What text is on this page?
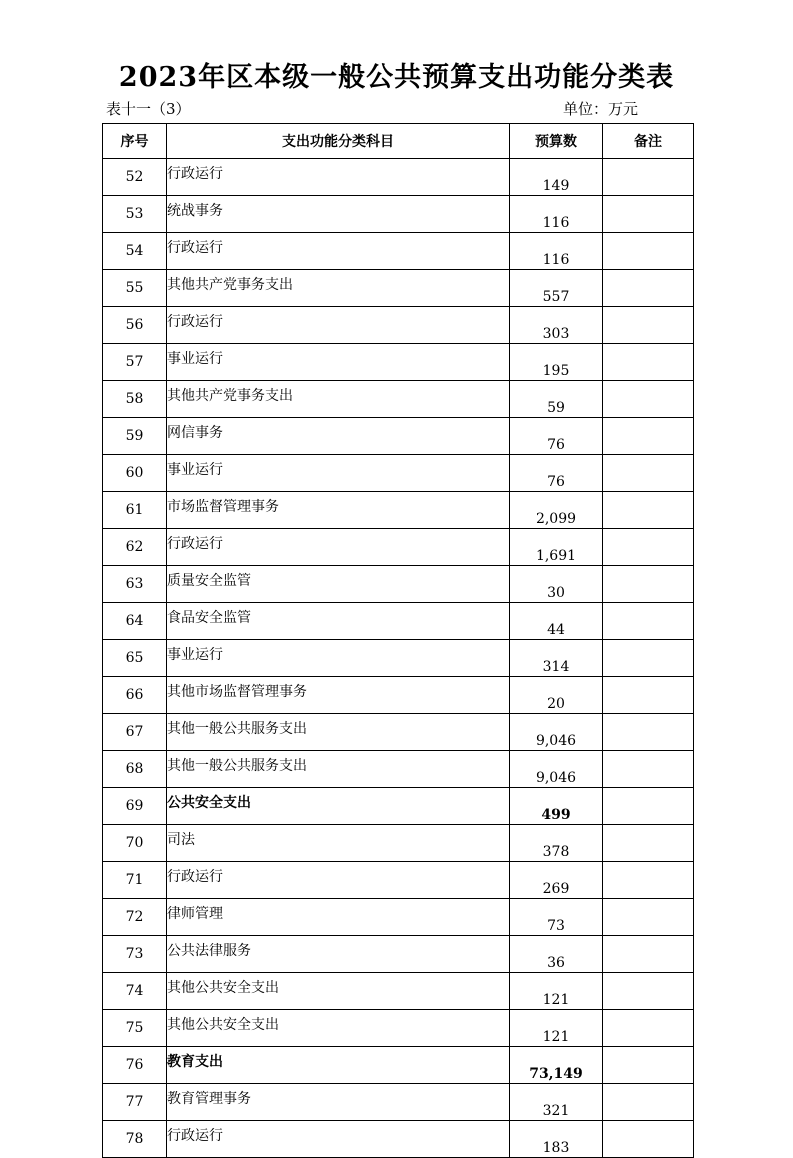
2023年区本级一般公共预算支出功能分类表
表十一（3）	单位：万元
序号	支出功能分类科目	预算数	备注
52	行政运行	149	
53	统战事务	116	
54	行政运行	116	
55	其他共产党事务支出	557	
56	行政运行	303	
57	事业运行	195	
58	其他共产党事务支出	59	
59	网信事务	76	
60	事业运行	76	
61	市场监督管理事务	2,099	
62	行政运行	1,691	
63	质量安全监管	30	
64	食品安全监管	44	
65	事业运行	314	
66	其他市场监督管理事务	20	
67	其他一般公共服务支出	9,046	
68	其他一般公共服务支出	9,046	
69	公共安全支出	499	
70	司法	378	
71	行政运行	269	
72	律师管理	73	
73	公共法律服务	36	
74	其他公共安全支出	121	
75	其他公共安全支出	121	
76	教育支出	73,149	
77	教育管理事务	321	
78	行政运行	183	
